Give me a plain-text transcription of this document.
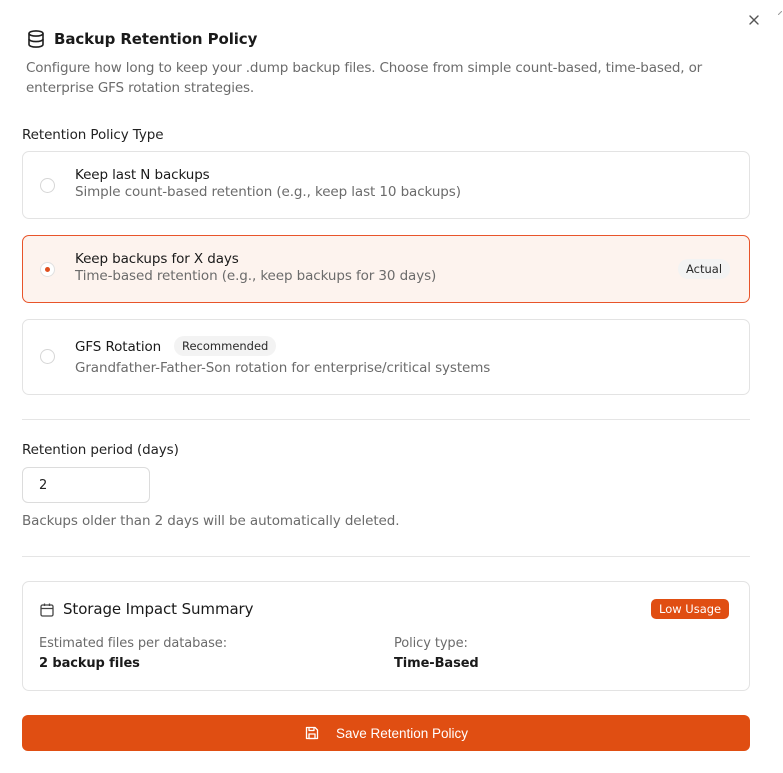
Backup Retention Policy

Configure how long to keep your .dump backup files. Choose from simple count-based, time-based, or enterprise GFS rotation strategies.

Retention Policy Type
Keep last N backups
Simple count-based retention (e.g., keep last 10 backups)
Keep backups for X days
Time-based retention (e.g., keep backups for 30 days)	Actual
GFS Rotation	Recommended
Grandfather-Father-Son rotation for enterprise/critical systems
Retention period (days)
2
Backups older than 2 days will be automatically deleted.
Storage Impact Summary	Low Usage
Estimated files per database:
2 backup files
Policy type:
Time-Based
Save Retention Policy
